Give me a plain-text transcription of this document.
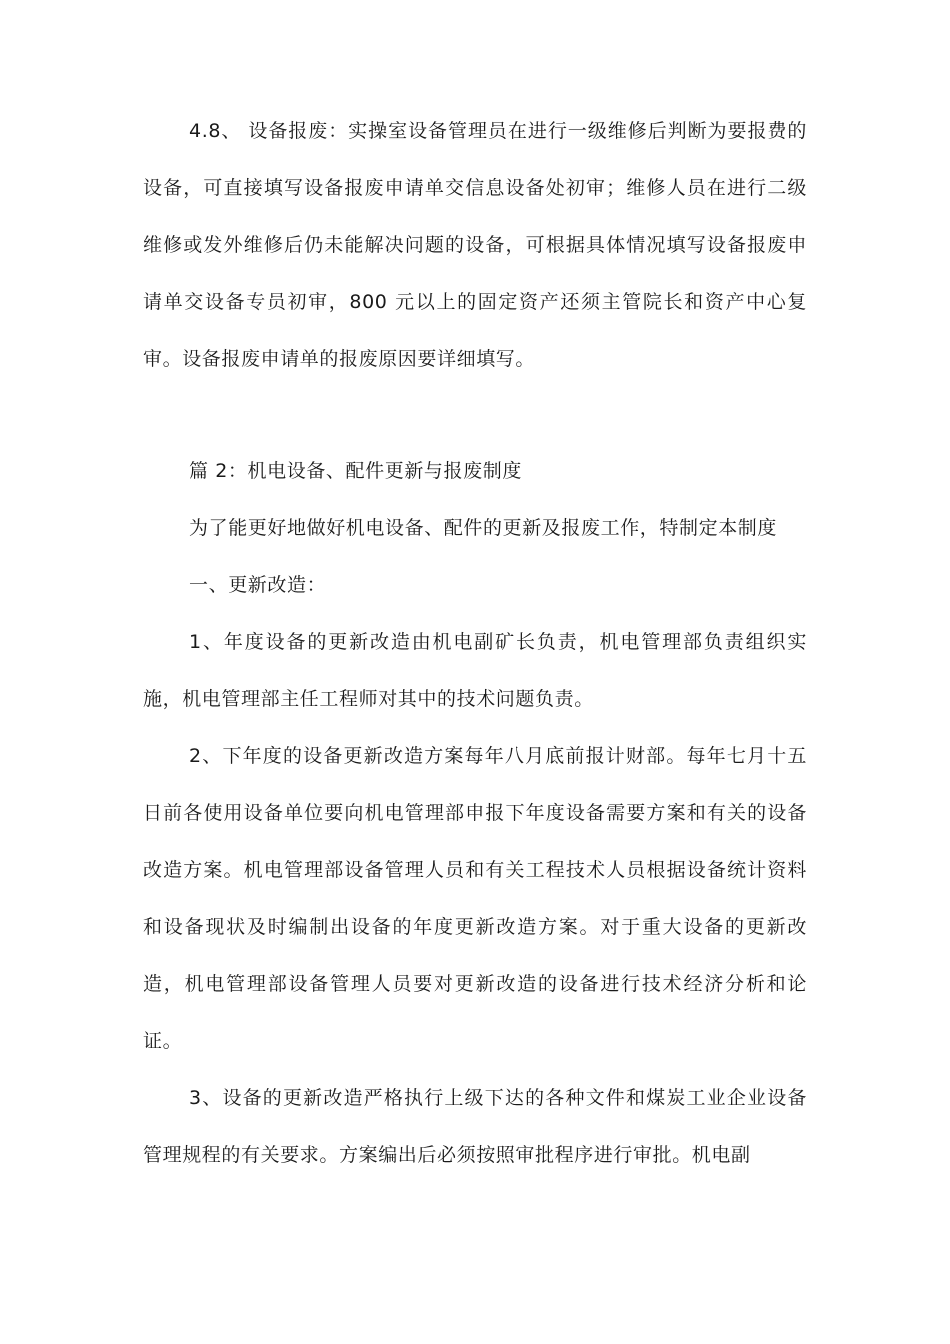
4.8、 设备报废：实操室设备管理员在进行一级维修后判断为要报费的设备，可直接填写设备报废申请单交信息设备处初审；维修人员在进行二级维修或发外维修后仍未能解决问题的设备，可根据具体情况填写设备报废申请单交设备专员初审，800 元以上的固定资产还须主管院长和资产中心复审。设备报废申请单的报废原因要详细填写。

篇 2：机电设备、配件更新与报废制度

为了能更好地做好机电设备、配件的更新及报废工作，特制定本制度

一、更新改造：

1、年度设备的更新改造由机电副矿长负责，机电管理部负责组织实施，机电管理部主任工程师对其中的技术问题负责。

2、下年度的设备更新改造方案每年八月底前报计财部。每年七月十五日前各使用设备单位要向机电管理部申报下年度设备需要方案和有关的设备改造方案。机电管理部设备管理人员和有关工程技术人员根据设备统计资料和设备现状及时编制出设备的年度更新改造方案。对于重大设备的更新改造，机电管理部设备管理人员要对更新改造的设备进行技术经济分析和论证。

3、设备的更新改造严格执行上级下达的各种文件和煤炭工业企业设备管理规程的有关要求。方案编出后必须按照审批程序进行审批。机电副
